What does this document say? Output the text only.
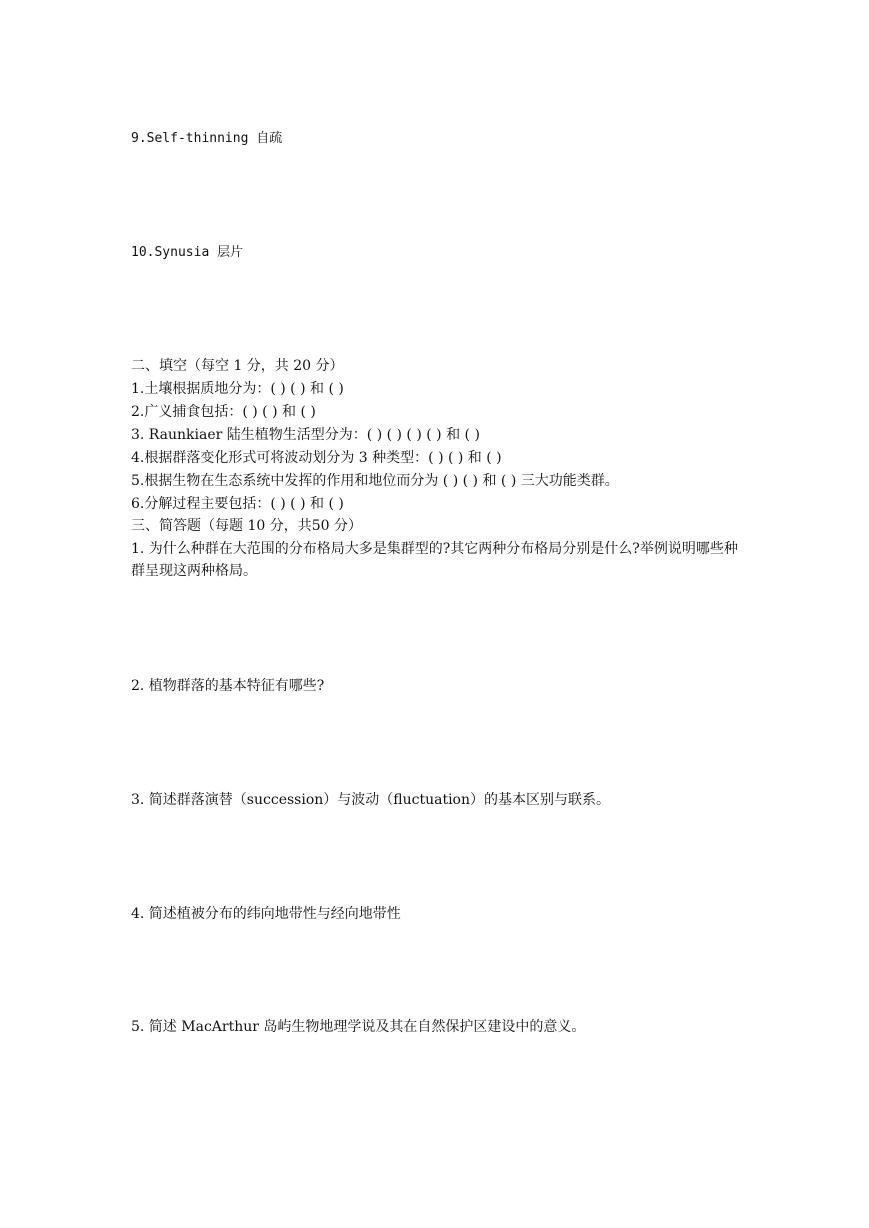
9.Self-thinning 自疏
10.Synusia 层片
二、填空（每空 1 分，共 20 分）
1.土壤根据质地分为：( ) ( ) 和 ( )
2.广义捕食包括：( ) ( ) 和 ( )
3. Raunkiaer 陆生植物生活型分为：( ) ( ) ( ) ( ) 和 ( )
4.根据群落变化形式可将波动划分为 3 种类型：( ) ( ) 和 ( )
5.根据生物在生态系统中发挥的作用和地位而分为 ( ) ( ) 和 ( ) 三大功能类群。
6.分解过程主要包括：( ) ( ) 和 ( )
三、简答题（每题 10 分，共50 分）
1. 为什么种群在大范围的分布格局大多是集群型的?其它两种分布格局分别是什么?举例说明哪些种群呈现这两种格局。
2. 植物群落的基本特征有哪些?
3. 简述群落演替（succession）与波动（fluctuation）的基本区别与联系。
4. 简述植被分布的纬向地带性与经向地带性
5. 简述 MacArthur 岛屿生物地理学说及其在自然保护区建设中的意义。
